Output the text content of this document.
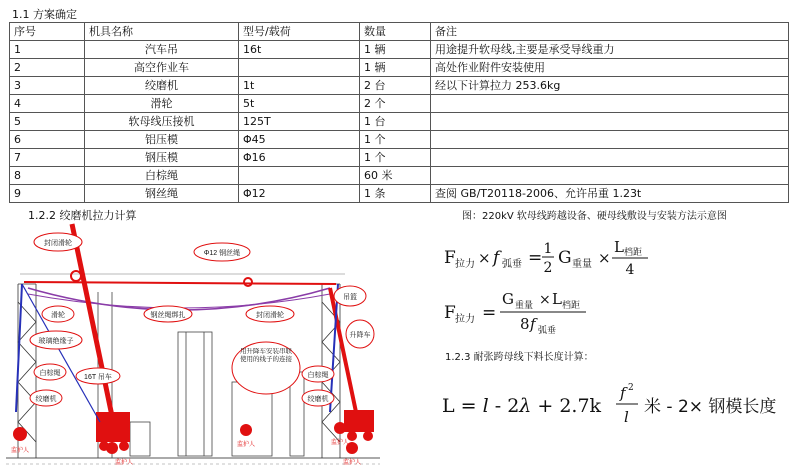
1.1 方案确定
序号	机具名称	型号/载荷	数量	备注
1	汽车吊	16t	1 辆	用途提升软母线,主要是承受导线重力
2	高空作业车		1 辆	高处作业附件安装使用
3	绞磨机	1t	2 台	经以下计算拉力 253.6kg
4	滑轮	5t	2 个	
5	软母线压接机	125T	1 台	
6	铝压模	Φ45	1 个	
7	钢压模	Φ16	1 个	
8	白棕绳		60 米	
9	钢丝绳	Φ12	1 条	查阅 GB/T20118-2006、允许吊重 1.23t
1.2.2 绞磨机拉力计算	图：220kV 软母线跨越设备、硬母线敷设与安装方法示意图
封闭滑轮
Φ12 钢丝绳
滑轮	钢丝绳绑扎	封闭滑轮
吊篮
玻璃绝缘子
白棕绳
16T 吊车
用升降车安装串联使用的线子的连接
升降车
白棕绳
绞磨机	绞磨机
监护人
监护人
监护人	监护人
监护人
F 拉力 × f 弧垂 = 1
2 G 重量 ×
L 档距
4
F 拉力 =
G 重量 × L 档距
8 f 弧垂
L = l - 2λ + 2.7k
f 2
l 米 - 2× 钢模长度
1.2.3 耐张跨母线下料长度计算：
